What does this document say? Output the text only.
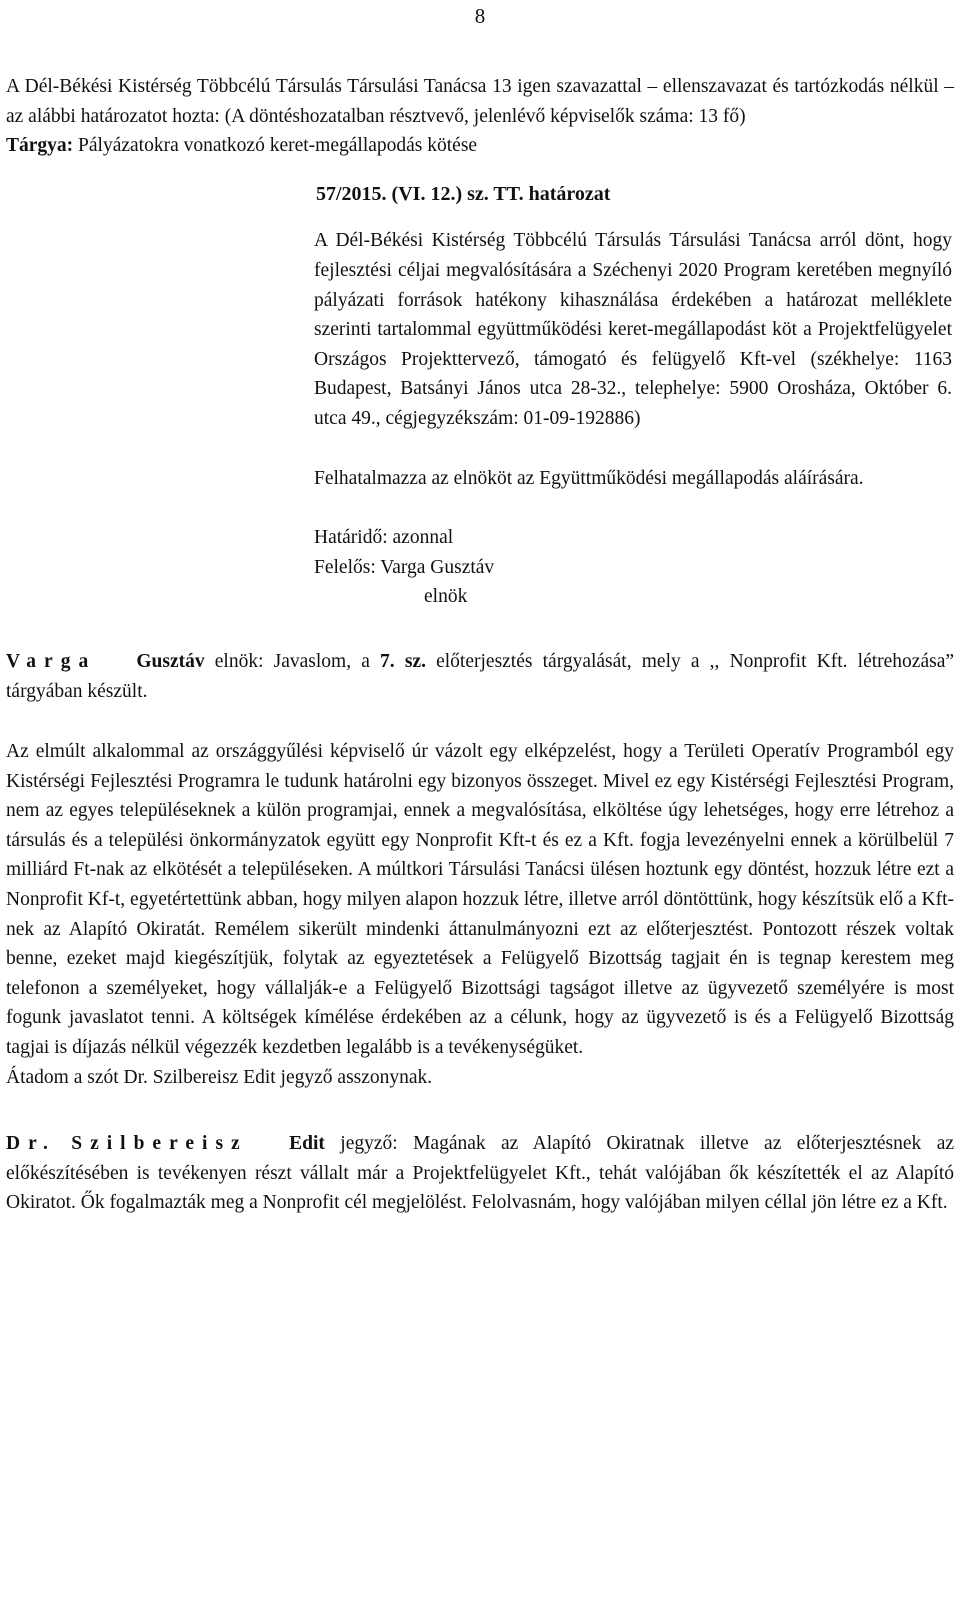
8

A Dél-Békési Kistérség Többcélú Társulás Társulási Tanácsa 13 igen szavazattal – ellenszavazat és tartózkodás nélkül – az alábbi határozatot hozta: (A döntéshozatalban résztvevő, jelenlévő képviselők száma: 13 fő)

Tárgya: Pályázatokra vonatkozó keret-megállapodás kötése

57/2015. (VI. 12.) sz. TT. határozat

A Dél-Békési Kistérség Többcélú Társulás Társulási Tanácsa arról dönt, hogy fejlesztési céljai megvalósítására a Széchenyi 2020 Program keretében megnyíló pályázati források hatékony kihasználása érdekében a határozat melléklete szerinti tartalommal együttműködési keret-megállapodást köt a Projektfelügyelet Országos Projekttervező, támogató és felügyelő Kft-vel (székhelye: 1163 Budapest, Batsányi János utca 28-32., telephelye: 5900 Orosháza, Október 6. utca 49., cégjegyzékszám: 01-09-192886)

Felhatalmazza az elnököt az Együttműködési megállapodás aláírására.

Határidő: azonnal

Felelős: Varga Gusztáv

elnök

Varga Gusztáv elnök: Javaslom, a 7. sz. előterjesztés tárgyalását, mely a ,, Nonprofit Kft. létrehozása” tárgyában készült.

Az elmúlt alkalommal az országgyűlési képviselő úr vázolt egy elképzelést, hogy a Területi Operatív Programból egy Kistérségi Fejlesztési Programra le tudunk határolni egy bizonyos összeget. Mivel ez egy Kistérségi Fejlesztési Program, nem az egyes településeknek a külön programjai, ennek a megvalósítása, elköltése úgy lehetséges, hogy erre létrehoz a társulás és a települési önkormányzatok együtt egy Nonprofit Kft-t és ez a Kft. fogja levezényelni ennek a körülbelül 7 milliárd Ft-nak az elkötését a településeken. A múltkori Társulási Tanácsi ülésen hoztunk egy döntést, hozzuk létre ezt a Nonprofit Kf-t, egyetértettünk abban, hogy milyen alapon hozzuk létre, illetve arról döntöttünk, hogy készítsük elő a Kft-nek az Alapító Okiratát. Remélem sikerült mindenki áttanulmányozni ezt az előterjesztést. Pontozott részek voltak benne, ezeket majd kiegészítjük, folytak az egyeztetések a Felügyelő Bizottság tagjait én is tegnap kerestem meg telefonon a személyeket, hogy vállalják-e a Felügyelő Bizottsági tagságot illetve az ügyvezető személyére is most fogunk javaslatot tenni. A költségek kímélése érdekében az a célunk, hogy az ügyvezető is és a Felügyelő Bizottság tagjai is díjazás nélkül végezzék kezdetben legalább is a tevékenységüket.

Átadom a szót Dr. Szilbereisz Edit jegyző asszonynak.

Dr. Szilbereisz Edit jegyző: Magának az Alapító Okiratnak illetve az előterjesztésnek az előkészítésében is tevékenyen részt vállalt már a Projektfelügyelet Kft., tehát valójában ők készítették el az Alapító Okiratot. Ők fogalmazták meg a Nonprofit cél megjelölést. Felolvasnám, hogy valójában milyen céllal jön létre ez a Kft.
